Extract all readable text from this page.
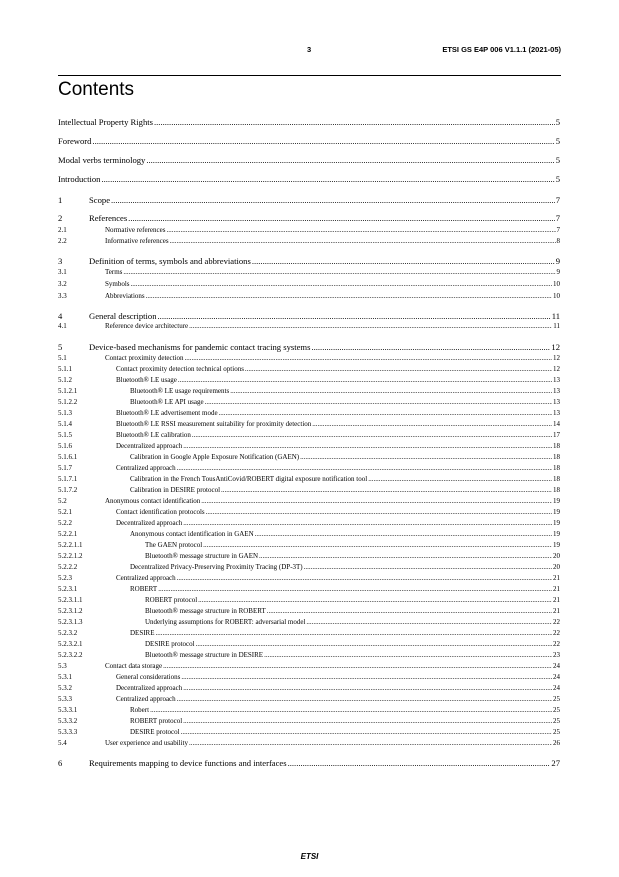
3	ETSI GS E4P 006 V1.1.1 (2021-05)
Contents
Intellectual Property Rights .....	5
Foreword .....	5
Modal verbs terminology .....	5
Introduction .....	5
1	Scope .....	7
2	References .....	7
2.1	Normative references .....	7
2.2	Informative references .....	8
3	Definition of terms, symbols and abbreviations .....	9
3.1	Terms .....	9
3.2	Symbols .....	10
3.3	Abbreviations .....	10
4	General description .....	11
4.1	Reference device architecture .....	11
5	Device-based mechanisms for pandemic contact tracing systems .....	12
5.1	Contact proximity detection .....	12
5.1.1	Contact proximity detection technical options .....	12
5.1.2	Bluetooth® LE usage .....	13
5.1.2.1	Bluetooth® LE usage requirements .....	13
5.1.2.2	Bluetooth® LE API usage .....	13
5.1.3	Bluetooth® LE advertisement mode .....	13
5.1.4	Bluetooth® LE RSSI measurement suitability for proximity detection .....	14
5.1.5	Bluetooth® LE calibration .....	17
5.1.6	Decentralized approach .....	18
5.1.6.1	Calibration in Google Apple Exposure Notification (GAEN) .....	18
5.1.7	Centralized approach .....	18
5.1.7.1	Calibration in the French TousAntiCovid/ROBERT digital exposure notification tool .....	18
5.1.7.2	Calibration in DESIRE protocol .....	18
5.2	Anonymous contact identification .....	19
5.2.1	Contact identification protocols .....	19
5.2.2	Decentralized approach .....	19
5.2.2.1	Anonymous contact identification in GAEN .....	19
5.2.2.1.1	The GAEN protocol .....	19
5.2.2.1.2	Bluetooth® message structure in GAEN .....	20
5.2.2.2	Decentralized Privacy-Preserving Proximity Tracing (DP-3T) .....	20
5.2.3	Centralized approach .....	21
5.2.3.1	ROBERT .....	21
5.2.3.1.1	ROBERT protocol .....	21
5.2.3.1.2	Bluetooth® message structure in ROBERT .....	21
5.2.3.1.3	Underlying assumptions for ROBERT: adversarial model .....	22
5.2.3.2	DESIRE .....	22
5.2.3.2.1	DESIRE protocol .....	22
5.2.3.2.2	Bluetooth® message structure in DESIRE .....	23
5.3	Contact data storage .....	24
5.3.1	General considerations .....	24
5.3.2	Decentralized approach .....	24
5.3.3	Centralized approach .....	25
5.3.3.1	Robert .....	25
5.3.3.2	ROBERT protocol .....	25
5.3.3.3	DESIRE protocol .....	25
5.4	User experience and usability .....	26
6	Requirements mapping to device functions and interfaces .....	27
ETSI
